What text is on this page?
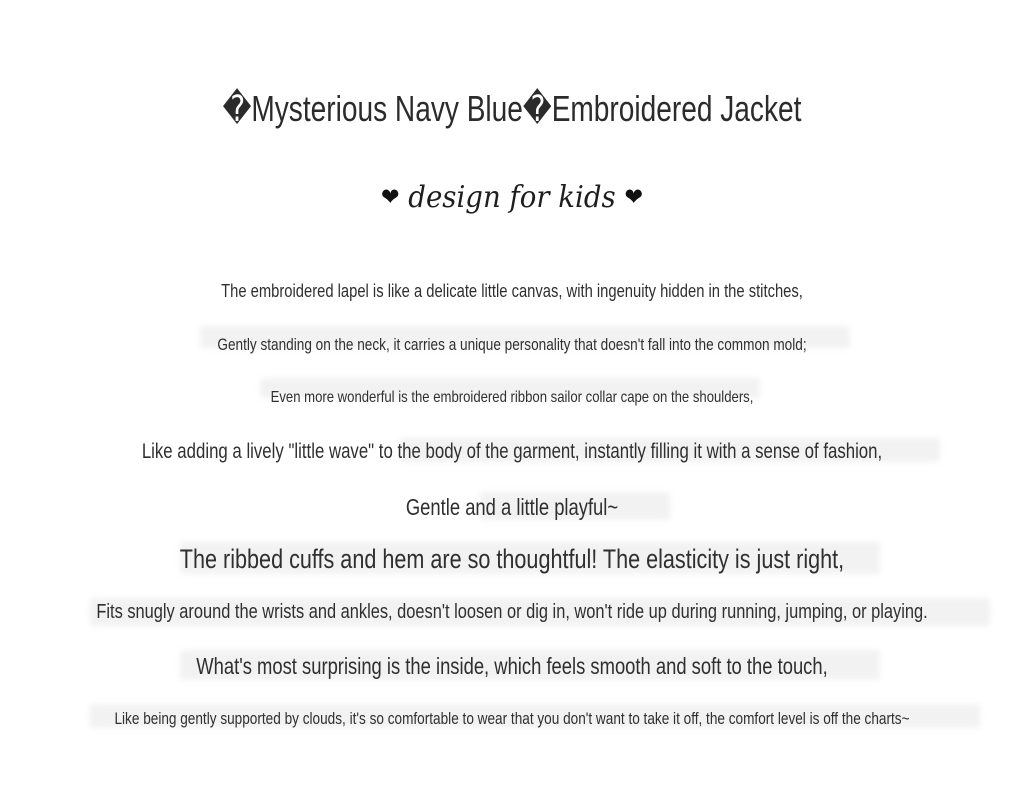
�Mysterious Navy Blue�Embroidered Jacket
❤ design for kids ❤

The embroidered lapel is like a delicate little canvas, with ingenuity hidden in the stitches,

Gently standing on the neck, it carries a unique personality that doesn't fall into the common mold;

Even more wonderful is the embroidered ribbon sailor collar cape on the shoulders,

Like adding a lively "little wave" to the body of the garment, instantly filling it with a sense of fashion,

Gentle and a little playful~

The ribbed cuffs and hem are so thoughtful! The elasticity is just right,

Fits snugly around the wrists and ankles, doesn't loosen or dig in, won't ride up during running, jumping, or playing.

What's most surprising is the inside, which feels smooth and soft to the touch,

Like being gently supported by clouds, it's so comfortable to wear that you don't want to take it off, the comfort level is off the charts~
